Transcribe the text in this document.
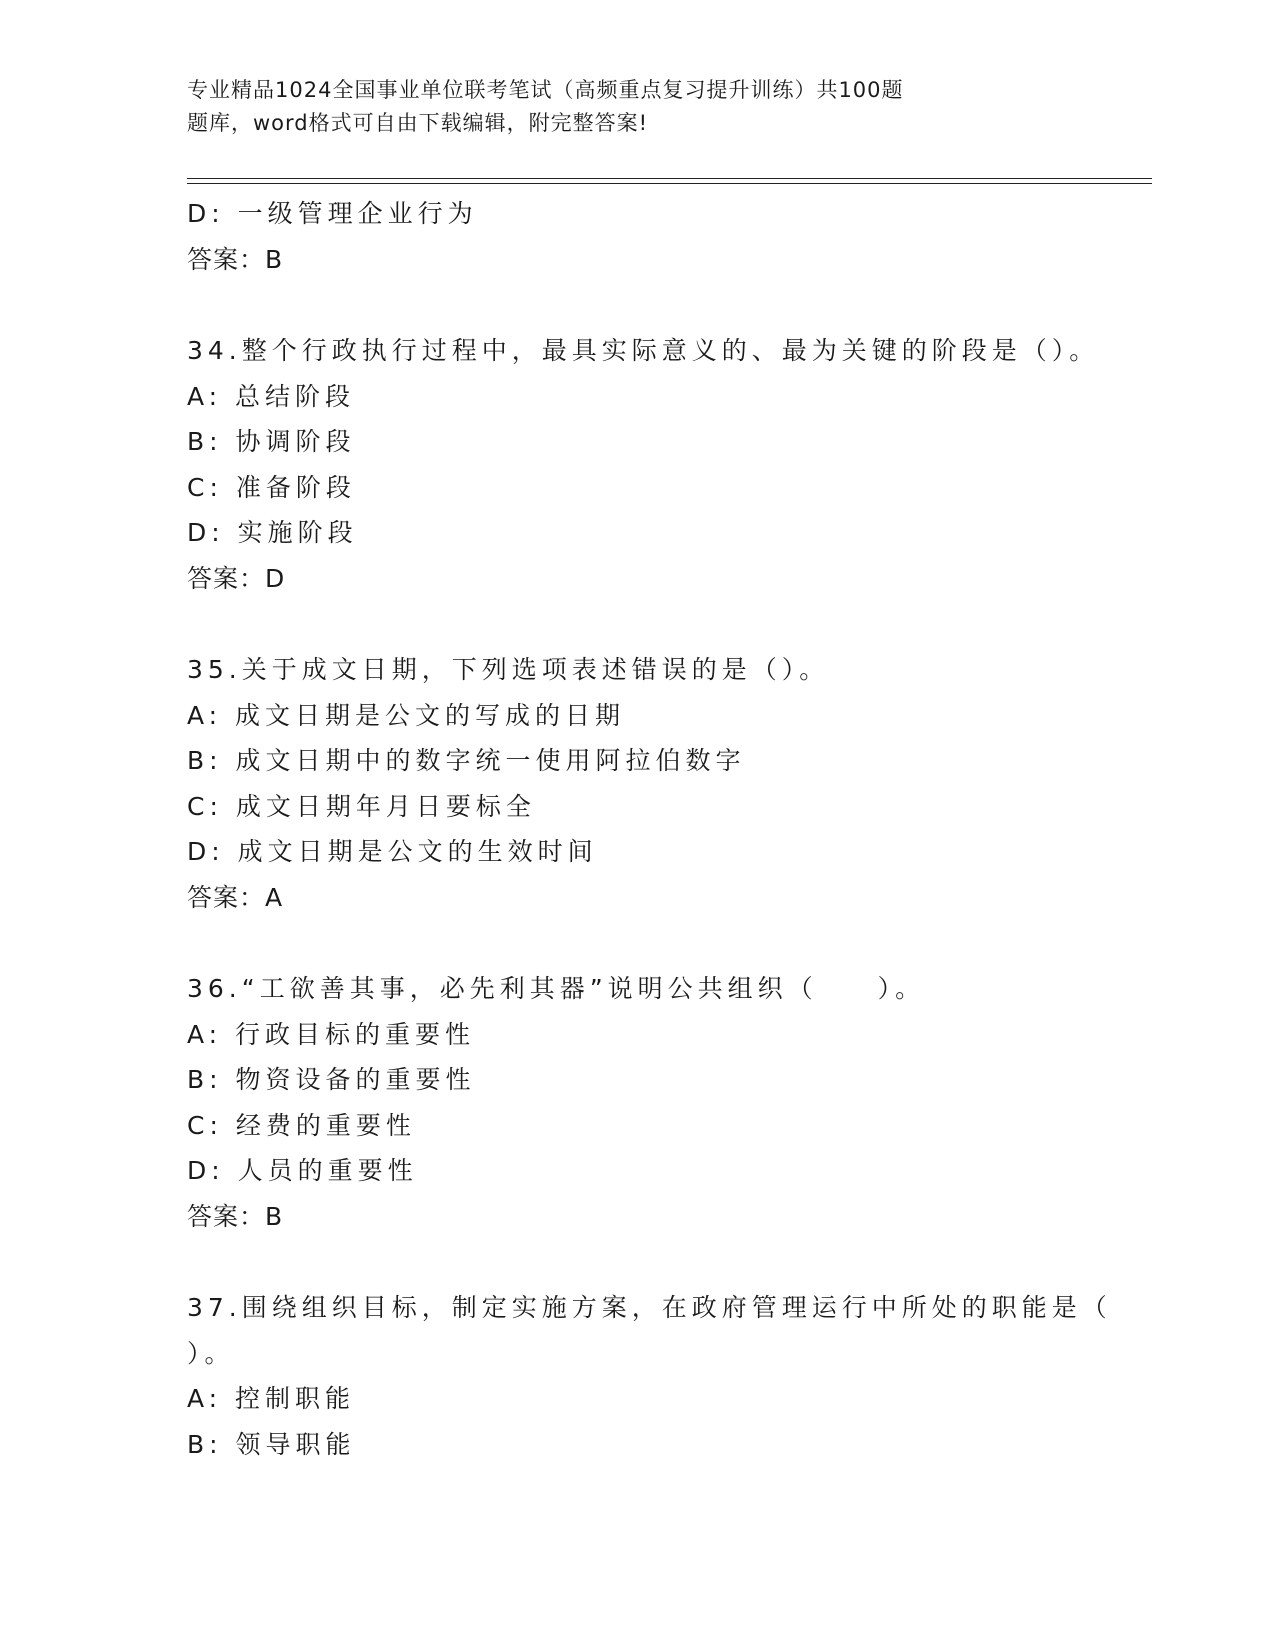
专业精品1024全国事业单位联考笔试（高频重点复习提升训练）共100题
题库，word格式可自由下载编辑，附完整答案!
D: 一级管理企业行为
答案：B
34.整个行政执行过程中，最具实际意义的、最为关键的阶段是（）。
A: 总结阶段
B: 协调阶段
C: 准备阶段
D: 实施阶段
答案：D
35.关于成文日期，下列选项表述错误的是（）。
A: 成文日期是公文的写成的日期
B: 成文日期中的数字统一使用阿拉伯数字
C: 成文日期年月日要标全
D: 成文日期是公文的生效时间
答案：A
36.“工欲善其事，必先利其器”说明公共组织（　　）。
A: 行政目标的重要性
B: 物资设备的重要性
C: 经费的重要性
D: 人员的重要性
答案：B
37.围绕组织目标，制定实施方案，在政府管理运行中所处的职能是（
）。
A: 控制职能
B: 领导职能
